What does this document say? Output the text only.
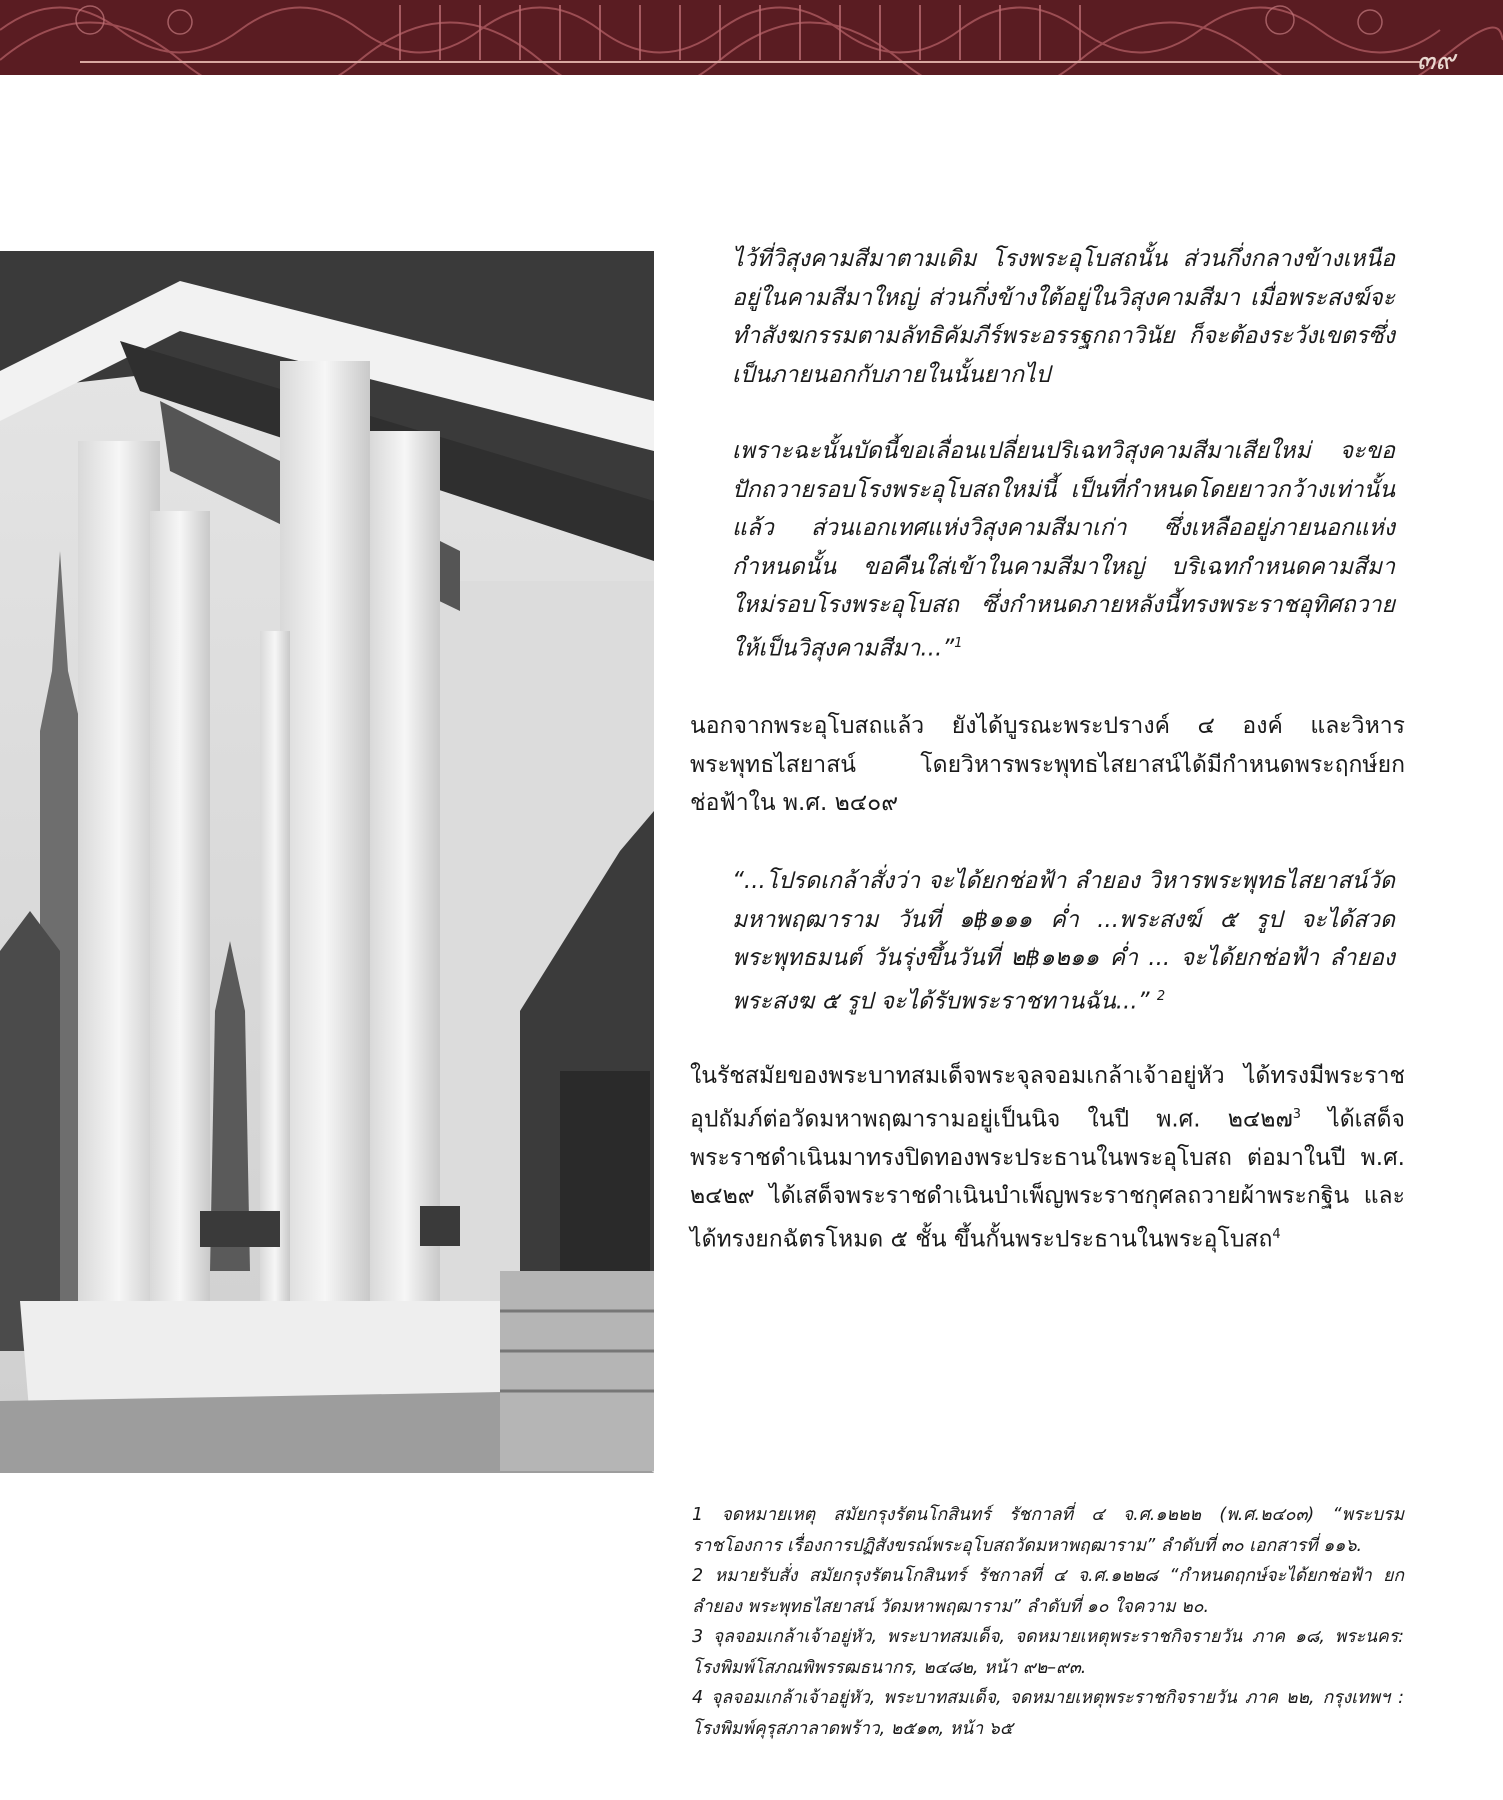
๓๙

ไว้ที่วิสุงคามสีมาตามเดิม โรงพระอุโบสถนั้น ส่วนกึ่งกลางข้างเหนืออยู่ในคามสีมาใหญ่ ส่วนกึ่งข้างใต้อยู่ในวิสุงคามสีมา เมื่อพระสงฆ์จะทำสังฆกรรมตามลัทธิคัมภีร์พระอรรฐกถาวินัย ก็จะต้องระวังเขตรซึ่งเป็นภายนอกกับภายในนั้นยากไป

เพราะฉะนั้นบัดนี้ขอเลื่อนเปลี่ยนปริเฉทวิสุงคามสีมาเสียใหม่ จะขอปักถวายรอบโรงพระอุโบสถใหม่นี้ เป็นที่กำหนดโดยยาวกว้างเท่านั้นแล้ว ส่วนเอกเทศแห่งวิสุงคามสีมาเก่า ซึ่งเหลืออยู่ภายนอกแห่งกำหนดนั้น ขอคืนใส่เข้าในคามสีมาใหญ่ บริเฉทกำหนดคามสีมาใหม่รอบโรงพระอุโบสถ ซึ่งกำหนดภายหลังนี้ทรงพระราชอุทิศถวายให้เป็นวิสุงคามสีมา...”$^1$

นอกจากพระอุโบสถแล้ว ยังได้บูรณะพระปรางค์ ๔ องค์ และวิหารพระพุทธไสยาสน์ โดยวิหารพระพุทธไสยาสน์ได้มีกำหนดพระฤกษ์ยกช่อฟ้าใน พ.ศ. ๒๔๐๙

“...โปรดเกล้าสั่งว่า จะได้ยกช่อฟ้า ลำยอง วิหารพระพุทธไสยาสน์วัดมหาพฤฒาราม วันที่ ๑฿๑๑๑ ค่ำ ...พระสงฆ์ ๕ รูป จะได้สวดพระพุทธมนต์ วันรุ่งขึ้นวันที่ ๒฿๑๒๑๑ ค่ำ ... จะได้ยกช่อฟ้า ลำยอง พระสงฆ ๕ รูป จะได้รับพระราชทานฉัน...” $^2$

ในรัชสมัยของพระบาทสมเด็จพระจุลจอมเกล้าเจ้าอยู่หัว ได้ทรงมีพระราชอุปถัมภ์ต่อวัดมหาพฤฒารามอยู่เป็นนิจ ในปี พ.ศ. ๒๔๒๗$^3$ ได้เสด็จพระราชดำเนินมาทรงปิดทองพระประธานในพระอุโบสถ ต่อมาในปี พ.ศ. ๒๔๒๙ ได้เสด็จพระราชดำเนินบำเพ็ญพระราชกุศลถวายผ้าพระกฐิน และได้ทรงยกฉัตรโหมด ๕ ชั้น ขึ้นกั้นพระประธานในพระอุโบสถ$^4$

1 จดหมายเหตุ สมัยกรุงรัตนโกสินทร์ รัชกาลที่ ๔ จ.ศ.๑๒๒๒ (พ.ศ.๒๔๐๓) “พระบรมราชโองการ เรื่องการปฏิสังขรณ์พระอุโบสถวัดมหาพฤฒาราม” ลำดับที่ ๓๐ เอกสารที่ ๑๑๖.

2 หมายรับสั่ง สมัยกรุงรัตนโกสินทร์ รัชกาลที่ ๔ จ.ศ.๑๒๒๘ “กำหนดฤกษ์จะได้ยกช่อฟ้า ยกลำยอง พระพุทธไสยาสน์ วัดมหาพฤฒาราม” ลำดับที่ ๑๐ ใจความ ๒๐.

3 จุลจอมเกล้าเจ้าอยู่หัว, พระบาทสมเด็จ, จดหมายเหตุพระราชกิจรายวัน ภาค ๑๘, พระนคร: โรงพิมพ์โสภณพิพรรฒธนากร, ๒๔๘๒, หน้า ๙๒–๙๓.

4 จุลจอมเกล้าเจ้าอยู่หัว, พระบาทสมเด็จ, จดหมายเหตุพระราชกิจรายวัน ภาค ๒๒, กรุงเทพฯ : โรงพิมพ์คุรุสภาลาดพร้าว, ๒๕๑๓, หน้า ๖๕
